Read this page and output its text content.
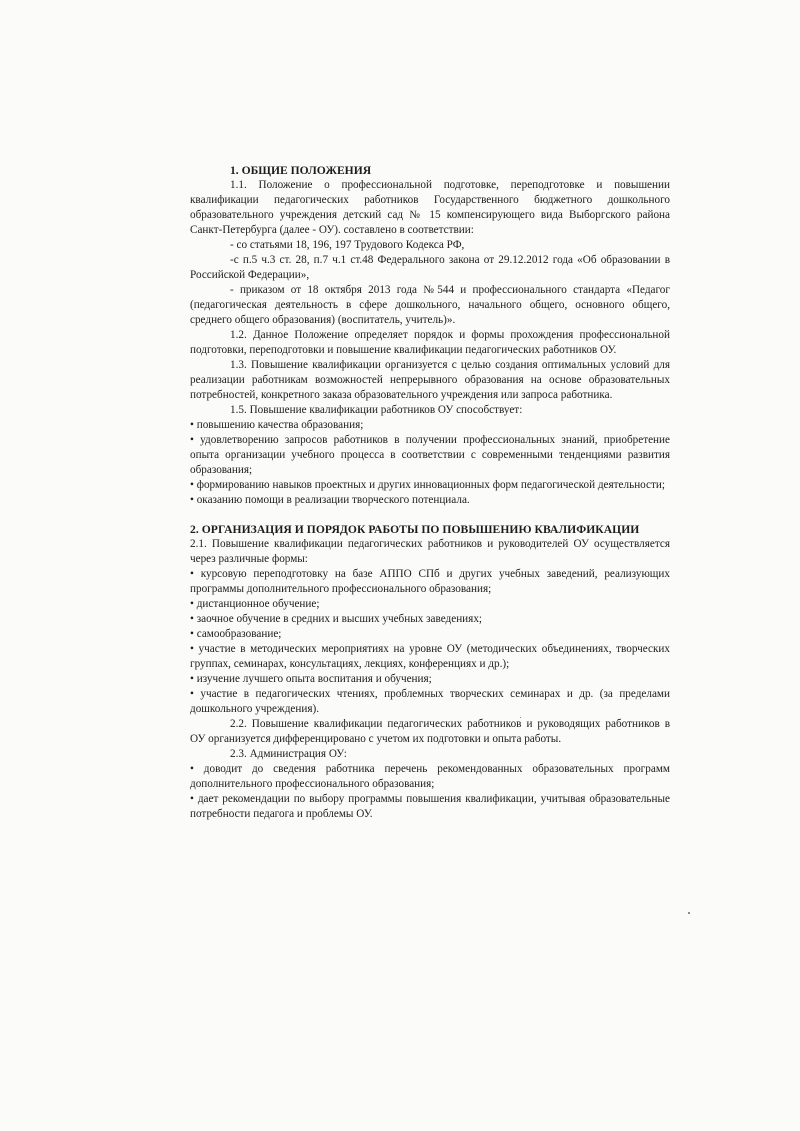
1. ОБЩИЕ ПОЛОЖЕНИЯ

1.1. Положение о профессиональной подготовке, переподготовке и повышении квалификации педагогических работников Государственного бюджетного дошкольного образовательного учреждения детский сад № 15 компенсирующего вида Выборгского района Санкт-Петербурга (далее - ОУ). составлено в соответствии:

- со статьями 18, 196, 197 Трудового Кодекса РФ,

-с п.5 ч.3 ст. 28, п.7 ч.1 ст.48 Федерального закона от 29.12.2012 года «Об образовании в Российской Федерации»,

- приказом от 18 октября 2013 года №544 и профессионального стандарта «Педагог (педагогическая деятельность в сфере дошкольного, начального общего, основного общего, среднего общего образования) (воспитатель, учитель)».

1.2. Данное Положение определяет порядок и формы прохождения профессиональной подготовки, переподготовки и повышение квалификации педагогических работников ОУ.

1.3. Повышение квалификации организуется с целью создания оптимальных условий для реализации работникам возможностей непрерывного образования на основе образовательных потребностей, конкретного заказа образовательного учреждения или запроса работника.

1.5. Повышение квалификации работников ОУ способствует:

• повышению качества образования;

• удовлетворению запросов работников в получении профессиональных знаний, приобретение опыта организации учебного процесса в соответствии с современными тенденциями развития образования;

• формированию навыков проектных и других инновационных форм педагогической деятельности;

• оказанию помощи в реализации творческого потенциала.

2. ОРГАНИЗАЦИЯ И ПОРЯДОК РАБОТЫ ПО ПОВЫШЕНИЮ КВАЛИФИКАЦИИ

2.1. Повышение квалификации педагогических работников и руководителей ОУ осуществляется через различные формы:

• курсовую переподготовку на базе АППО СПб и других учебных заведений, реализующих программы дополнительного профессионального образования;

• дистанционное обучение;

• заочное обучение в средних и высших учебных заведениях;

• самообразование;

• участие в методических мероприятиях на уровне ОУ (методических объединениях, творческих группах, семинарах, консультациях, лекциях, конференциях и др.);

• изучение лучшего опыта воспитания и обучения;

• участие в педагогических чтениях, проблемных творческих семинарах и др. (за пределами дошкольного учреждения).

2.2. Повышение квалификации педагогических работников и руководящих работников в ОУ организуется дифференцировано с учетом их подготовки и опыта работы.

2.3. Администрация ОУ:

• доводит до сведения работника перечень рекомендованных образовательных программ дополнительного профессионального образования;

• дает рекомендации по выбору программы повышения квалификации, учитывая образовательные потребности педагога и проблемы ОУ.
